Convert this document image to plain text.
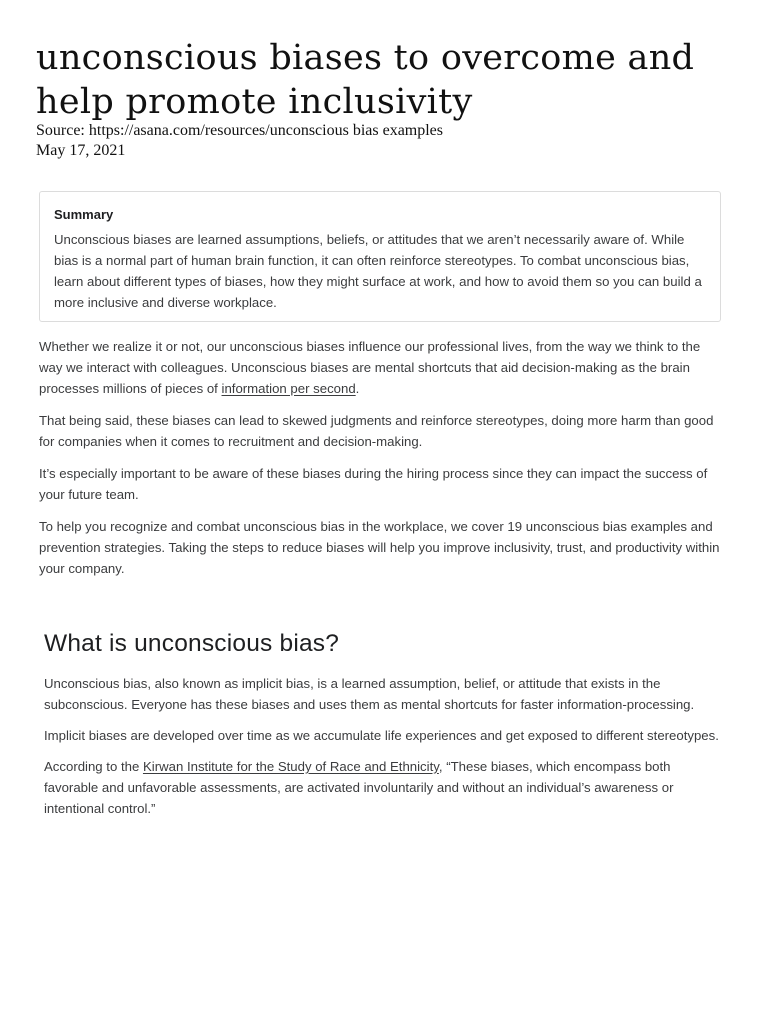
unconscious biases to overcome and help promote inclusivity
Source: https://asana.com/resources/unconscious bias examples
May 17, 2021
Summary

Unconscious biases are learned assumptions, beliefs, or attitudes that we aren’t necessarily aware of. While bias is a normal part of human brain function, it can often reinforce stereotypes. To combat unconscious bias, learn about different types of biases, how they might surface at work, and how to avoid them so you can build a more inclusive and diverse workplace.

Whether we realize it or not, our unconscious biases influence our professional lives, from the way we think to the way we interact with colleagues. Unconscious biases are mental shortcuts that aid decision-making as the brain processes millions of pieces of information per second.

That being said, these biases can lead to skewed judgments and reinforce stereotypes, doing more harm than good for companies when it comes to recruitment and decision-making.

It’s especially important to be aware of these biases during the hiring process since they can impact the success of your future team.

To help you recognize and combat unconscious bias in the workplace, we cover 19 unconscious bias examples and prevention strategies. Taking the steps to reduce biases will help you improve inclusivity, trust, and productivity within your company.

What is unconscious bias?

Unconscious bias, also known as implicit bias, is a learned assumption, belief, or attitude that exists in the subconscious. Everyone has these biases and uses them as mental shortcuts for faster information-processing.

Implicit biases are developed over time as we accumulate life experiences and get exposed to different stereotypes.

According to the Kirwan Institute for the Study of Race and Ethnicity, “These biases, which encompass both favorable and unfavorable assessments, are activated involuntarily and without an individual’s awareness or intentional control.”
